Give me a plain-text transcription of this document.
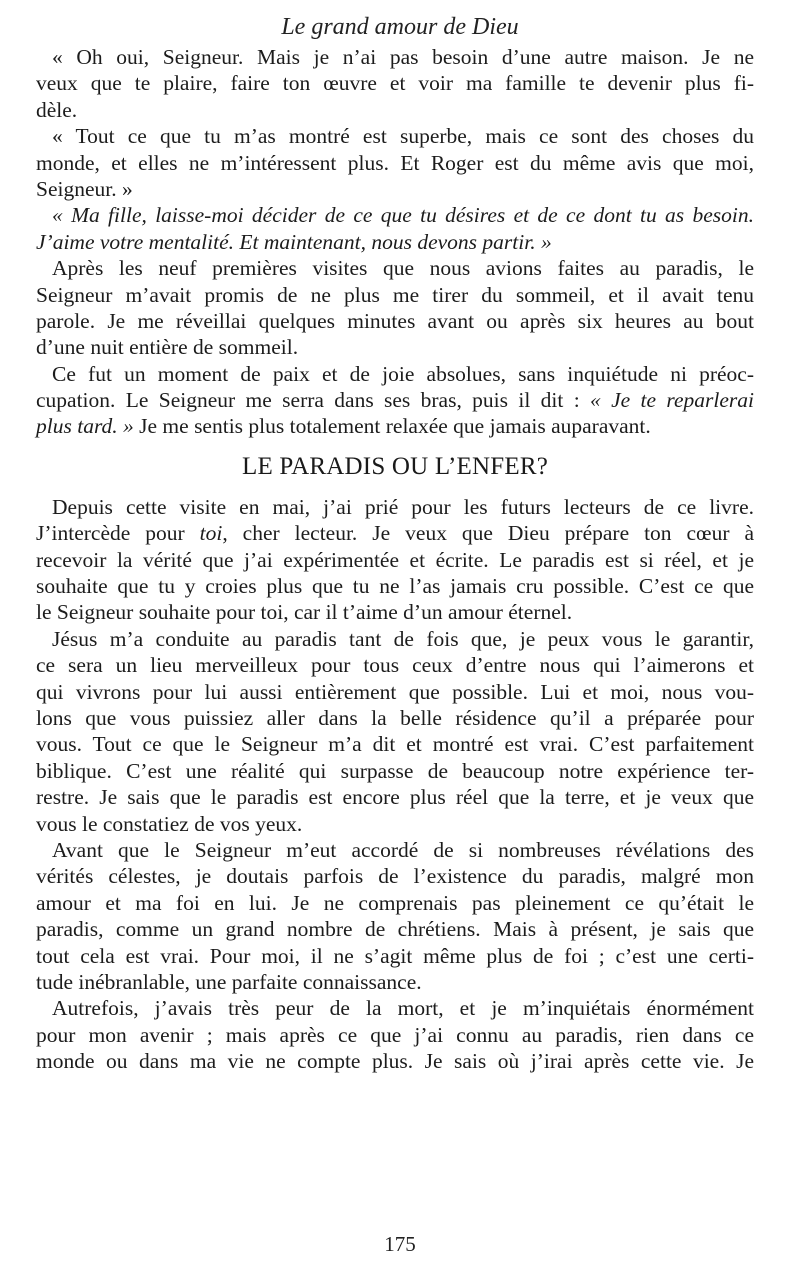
Le grand amour de Dieu
« Oh oui, Seigneur. Mais je n’ai pas besoin d’une autre maison. Je ne
veux que te plaire, faire ton œuvre et voir ma famille te devenir plus fi-
dèle.
« Tout ce que tu m’as montré est superbe, mais ce sont des choses du
monde, et elles ne m’intéressent plus. Et Roger est du même avis que moi,
Seigneur. »
« Ma fille, laisse-moi décider de ce que tu désires et de ce dont tu as besoin.
J’aime votre mentalité. Et maintenant, nous devons partir. »
Après les neuf premières visites que nous avions faites au paradis, le
Seigneur m’avait promis de ne plus me tirer du sommeil, et il avait tenu
parole. Je me réveillai quelques minutes avant ou après six heures au bout
d’une nuit entière de sommeil.
Ce fut un moment de paix et de joie absolues, sans inquiétude ni préoc-
cupation. Le Seigneur me serra dans ses bras, puis il dit : « Je te reparlerai
plus tard. » Je me sentis plus totalement relaxée que jamais auparavant.
LE PARADIS OU L’ENFER?
Depuis cette visite en mai, j’ai prié pour les futurs lecteurs de ce livre.
J’intercède pour toi, cher lecteur. Je veux que Dieu prépare ton cœur à
recevoir la vérité que j’ai expérimentée et écrite. Le paradis est si réel, et je
souhaite que tu y croies plus que tu ne l’as jamais cru possible. C’est ce que
le Seigneur souhaite pour toi, car il t’aime d’un amour éternel.
Jésus m’a conduite au paradis tant de fois que, je peux vous le garantir,
ce sera un lieu merveilleux pour tous ceux d’entre nous qui l’aimerons et
qui vivrons pour lui aussi entièrement que possible. Lui et moi, nous vou-
lons que vous puissiez aller dans la belle résidence qu’il a préparée pour
vous. Tout ce que le Seigneur m’a dit et montré est vrai. C’est parfaitement
biblique. C’est une réalité qui surpasse de beaucoup notre expérience ter-
restre. Je sais que le paradis est encore plus réel que la terre, et je veux que
vous le constatiez de vos yeux.
Avant que le Seigneur m’eut accordé de si nombreuses révélations des
vérités célestes, je doutais parfois de l’existence du paradis, malgré mon
amour et ma foi en lui. Je ne comprenais pas pleinement ce qu’était le
paradis, comme un grand nombre de chrétiens. Mais à présent, je sais que
tout cela est vrai. Pour moi, il ne s’agit même plus de foi ; c’est une certi-
tude inébranlable, une parfaite connaissance.
Autrefois, j’avais très peur de la mort, et je m’inquiétais énormément
pour mon avenir ; mais après ce que j’ai connu au paradis, rien dans ce
monde ou dans ma vie ne compte plus. Je sais où j’irai après cette vie. Je
175
